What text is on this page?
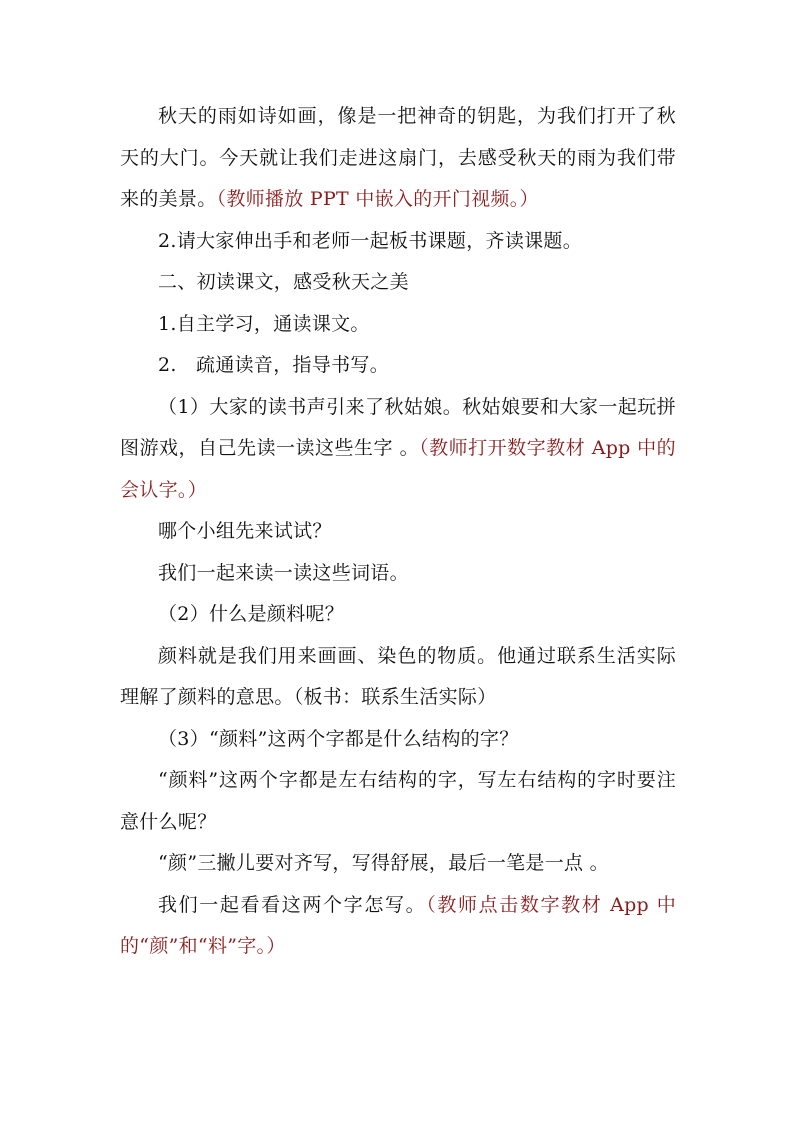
秋天的雨如诗如画，像是一把神奇的钥匙，为我们打开了秋天的大门。今天就让我们走进这扇门，去感受秋天的雨为我们带来的美景。（教师播放 PPT 中嵌入的开门视频。）

2.请大家伸出手和老师一起板书课题，齐读课题。

二、初读课文，感受秋天之美

1.自主学习，通读课文。

2.　疏通读音，指导书写。

（1）大家的读书声引来了秋姑娘。秋姑娘要和大家一起玩拼图游戏，自己先读一读这些生字 。（教师打开数字教材 App 中的会认字。）

哪个小组先来试试？

我们一起来读一读这些词语。

（2）什么是颜料呢？

颜料就是我们用来画画、染色的物质。他通过联系生活实际理解了颜料的意思。（板书：联系生活实际）

（3）“颜料”这两个字都是什么结构的字？

“颜料”这两个字都是左右结构的字，写左右结构的字时要注意什么呢？

“颜”三撇儿要对齐写，写得舒展，最后一笔是一点 。

我们一起看看这两个字怎写。（教师点击数字教材 App 中的“颜”和“料”字。）
